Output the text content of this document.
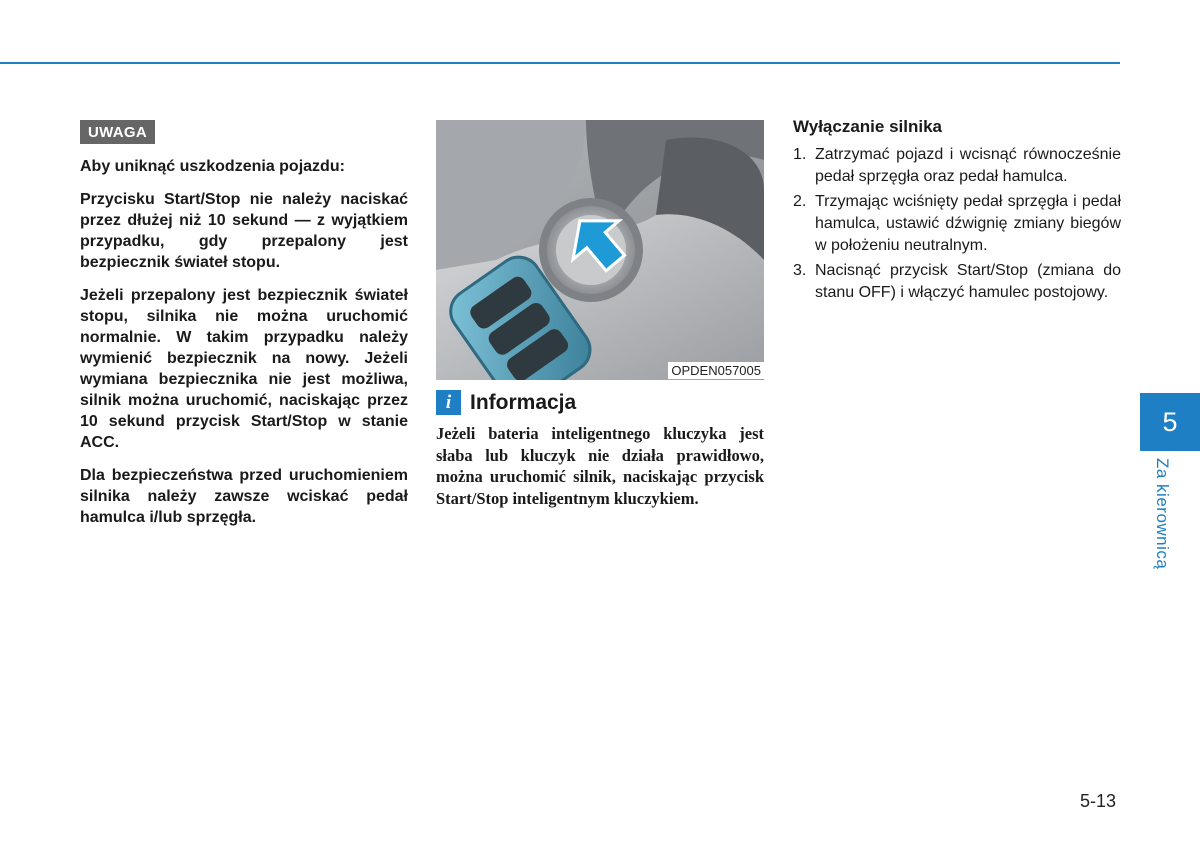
UWAGA

Aby uniknąć uszkodzenia pojazdu:

Przycisku Start/Stop nie należy naciskać przez dłużej niż 10 sekund — z wyjątkiem przypadku, gdy przepalony jest bezpiecznik świateł stopu.

Jeżeli przepalony jest bezpiecznik świateł stopu, silnika nie można uruchomić normalnie. W takim przypadku należy wymienić bezpiecznik na nowy. Jeżeli wymiana bezpiecznika nie jest możliwa, silnik można uruchomić, naciskając przez 10 sekund przycisk Start/Stop w stanie ACC.

Dla bezpieczeństwa przed uruchomieniem silnika należy zawsze wciskać pedał hamulca i/lub sprzęgła.

OPDEN057005
i Informacja

Jeżeli bateria inteligentnego kluczyka jest słaba lub kluczyk nie działa prawidłowo, można uruchomić silnik, naciskając przycisk Start/Stop inteligentnym kluczykiem.

Wyłączanie silnika

1. Zatrzymać pojazd i wcisnąć równocześnie pedał sprzęgła oraz pedał hamulca.
2. Trzymając wciśnięty pedał sprzęgła i pedał hamulca, ustawić dźwignię zmiany biegów w położeniu neutralnym.
3. Nacisnąć przycisk Start/Stop (zmiana do stanu OFF) i włączyć hamulec postojowy.
5
Za kierownicą
5-13
